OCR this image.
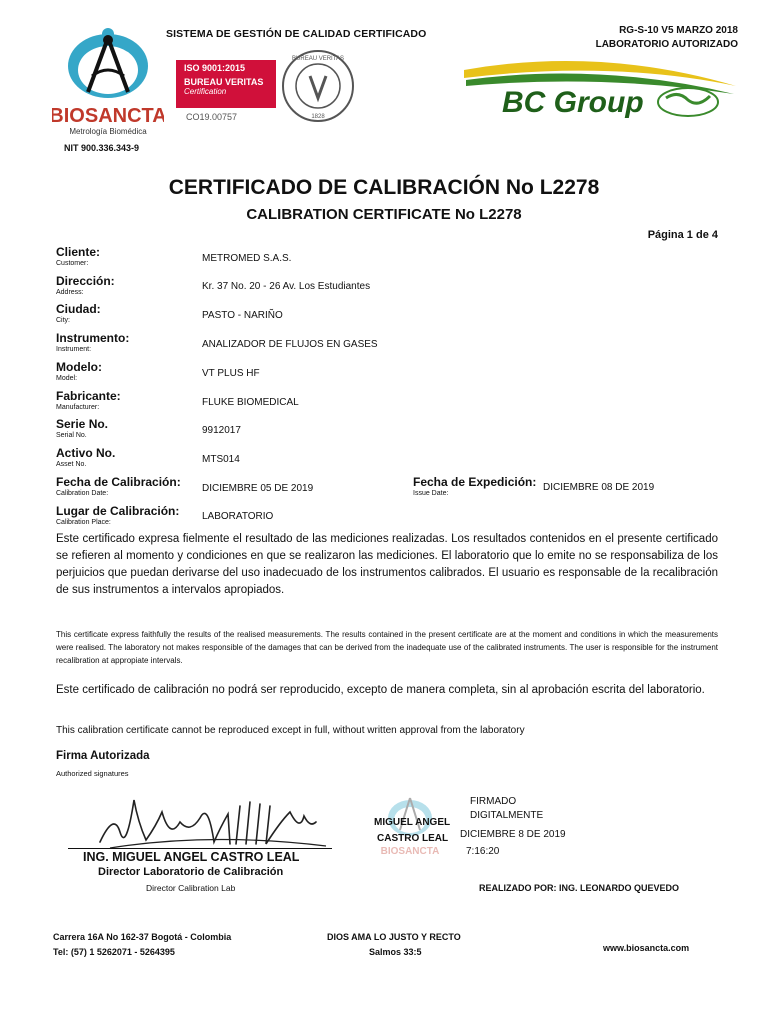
BIOSANCTA
Metrología Biomédica
NIT 900.336.343-9
SISTEMA DE GESTIÓN DE CALIDAD CERTIFICADO
ISO 9001:2015
BUREAU VERITAS
Certification
CO19.00757
BUREAU VERITAS
1828
RG-S-10 V5 MARZO 2018
LABORATORIO AUTORIZADO
BC Group
CERTIFICADO DE CALIBRACIÓN No L2278
CALIBRATION CERTIFICATE No L2278
Página 1 de 4
Cliente:
Customer:	METROMED S.A.S.
Dirección:
Address:
Kr. 37 No. 20 - 26 Av. Los Estudiantes
Ciudad:
City:	PASTO - NARIÑO
Instrumento:
Instrument:	ANALIZADOR DE FLUJOS EN GASES
Modelo:
Model:	VT PLUS HF
Fabricante:
Manufacturer:	FLUKE BIOMEDICAL
Serie No.
Serial No.	9912017
Activo No.
Asset No.	MTS014
Fecha de Calibración:
Calibration Date:	DICIEMBRE 05 DE 2019	Fecha de Expedición:
Issue Date:
DICIEMBRE 08 DE 2019
Lugar de Calibración:
Calibration Place:
LABORATORIO
Este certificado expresa fielmente el resultado de las mediciones realizadas. Los resultados contenidos en el presente certificado se refieren al momento y condiciones en que se realizaron las mediciones. El laboratorio que lo emite no se responsabiliza de los perjuicios que puedan derivarse del uso inadecuado de los instrumentos calibrados. El usuario es responsable de la recalibración de sus instrumentos a intervalos apropiados.
This certificate express faithfully the results of the realised measurements. The results contained in the present certificate are at the moment and conditions in which the measurements were realised. The laboratory not makes responsible of the damages that can be derived from the inadequate use of the calibrated instruments. The user is responsible for the instrument recalibration at appropiate intervals.
Este certificado de calibración no podrá ser reproducido, excepto de manera completa, sin al aprobación escrita del laboratorio.
This calibration certificate cannot be reproduced except in full, without written approval from the laboratory
Firma Autorizada
Authorized signatures
ING. MIGUEL ANGEL CASTRO LEAL
Director Laboratorio de Calibración
Director Calibration Lab
BIOSANCTA
MIGUEL ANGEL
CASTRO LEAL
FIRMADO
DIGITALMENTE
DICIEMBRE 8 DE 2019
7:16:20
REALIZADO POR: ING. LEONARDO QUEVEDO
Carrera 16A No 162-37 Bogotá - Colombia
Tel: (57) 1 5262071 - 5264395
DIOS AMA LO JUSTO Y RECTO
Salmos 33:5	www.biosancta.com
